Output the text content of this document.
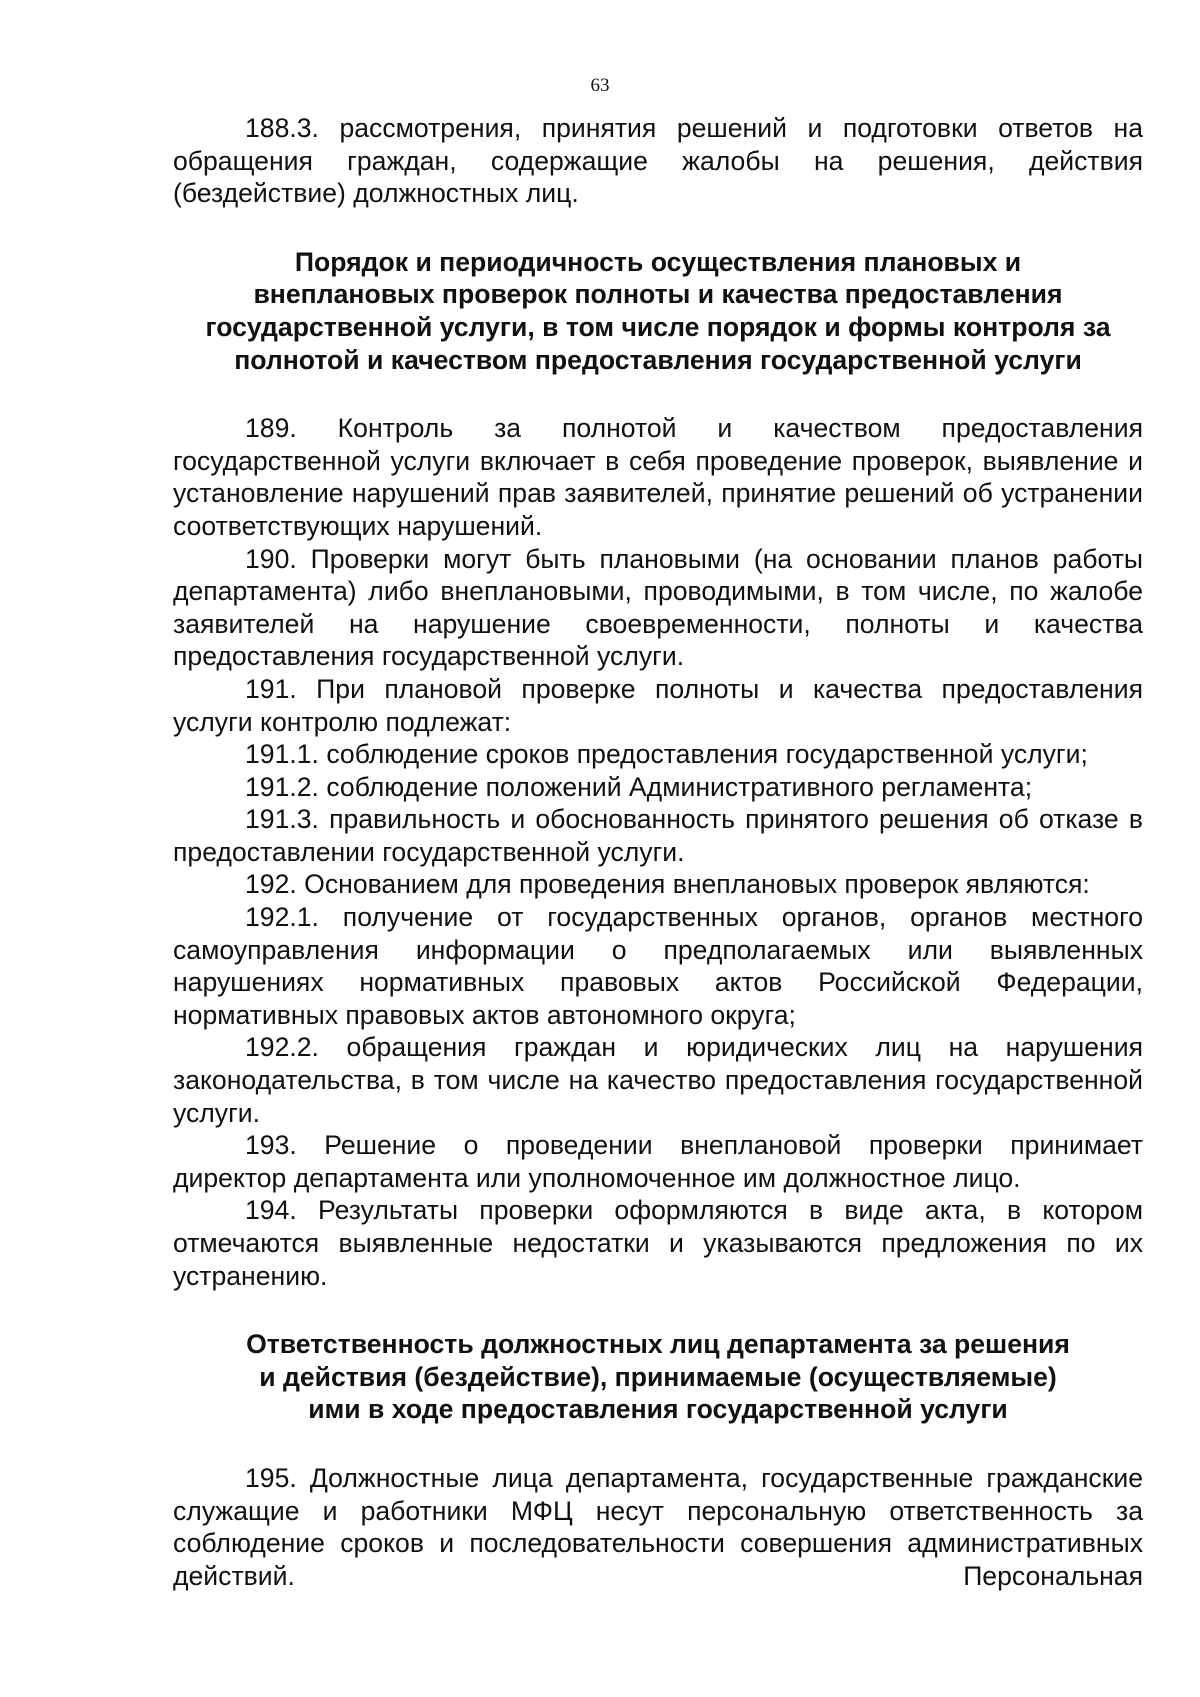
63

188.3. рассмотрения, принятия решений и подготовки ответов на обращения граждан, содержащие жалобы на решения, действия (бездействие) должностных лиц.

Порядок и периодичность осуществления плановых и
внеплановых проверок полноты и качества предоставления
государственной услуги, в том числе порядок и формы контроля за
полнотой и качеством предоставления государственной услуги

189. Контроль за полнотой и качеством предоставления государственной услуги включает в себя проведение проверок, выявление и установление нарушений прав заявителей, принятие решений об устранении соответствующих нарушений.

190. Проверки могут быть плановыми (на основании планов работы департамента) либо внеплановыми, проводимыми, в том числе, по жалобе заявителей на нарушение своевременности, полноты и качества предоставления государственной услуги.

191. При плановой проверке полноты и качества предоставления услуги контролю подлежат:

191.1. соблюдение сроков предоставления государственной услуги;

191.2. соблюдение положений Административного регламента;

191.3. правильность и обоснованность принятого решения об отказе в предоставлении государственной услуги.

192. Основанием для проведения внеплановых проверок являются:

192.1. получение от государственных органов, органов местного самоуправления информации о предполагаемых или выявленных нарушениях нормативных правовых актов Российской Федерации, нормативных правовых актов автономного округа;

192.2. обращения граждан и юридических лиц на нарушения законодательства, в том числе на качество предоставления государственной услуги.

193. Решение о проведении внеплановой проверки принимает директор департамента или уполномоченное им должностное лицо.

194. Результаты проверки оформляются в виде акта, в котором отмечаются выявленные недостатки и указываются предложения по их устранению.

Ответственность должностных лиц департамента за решения
и действия (бездействие), принимаемые (осуществляемые)
ими в ходе предоставления государственной услуги

195. Должностные лица департамента, государственные гражданские служащие и работники МФЦ несут персональную ответственность за соблюдение сроков и последовательности совершения административных действий. Персональная
